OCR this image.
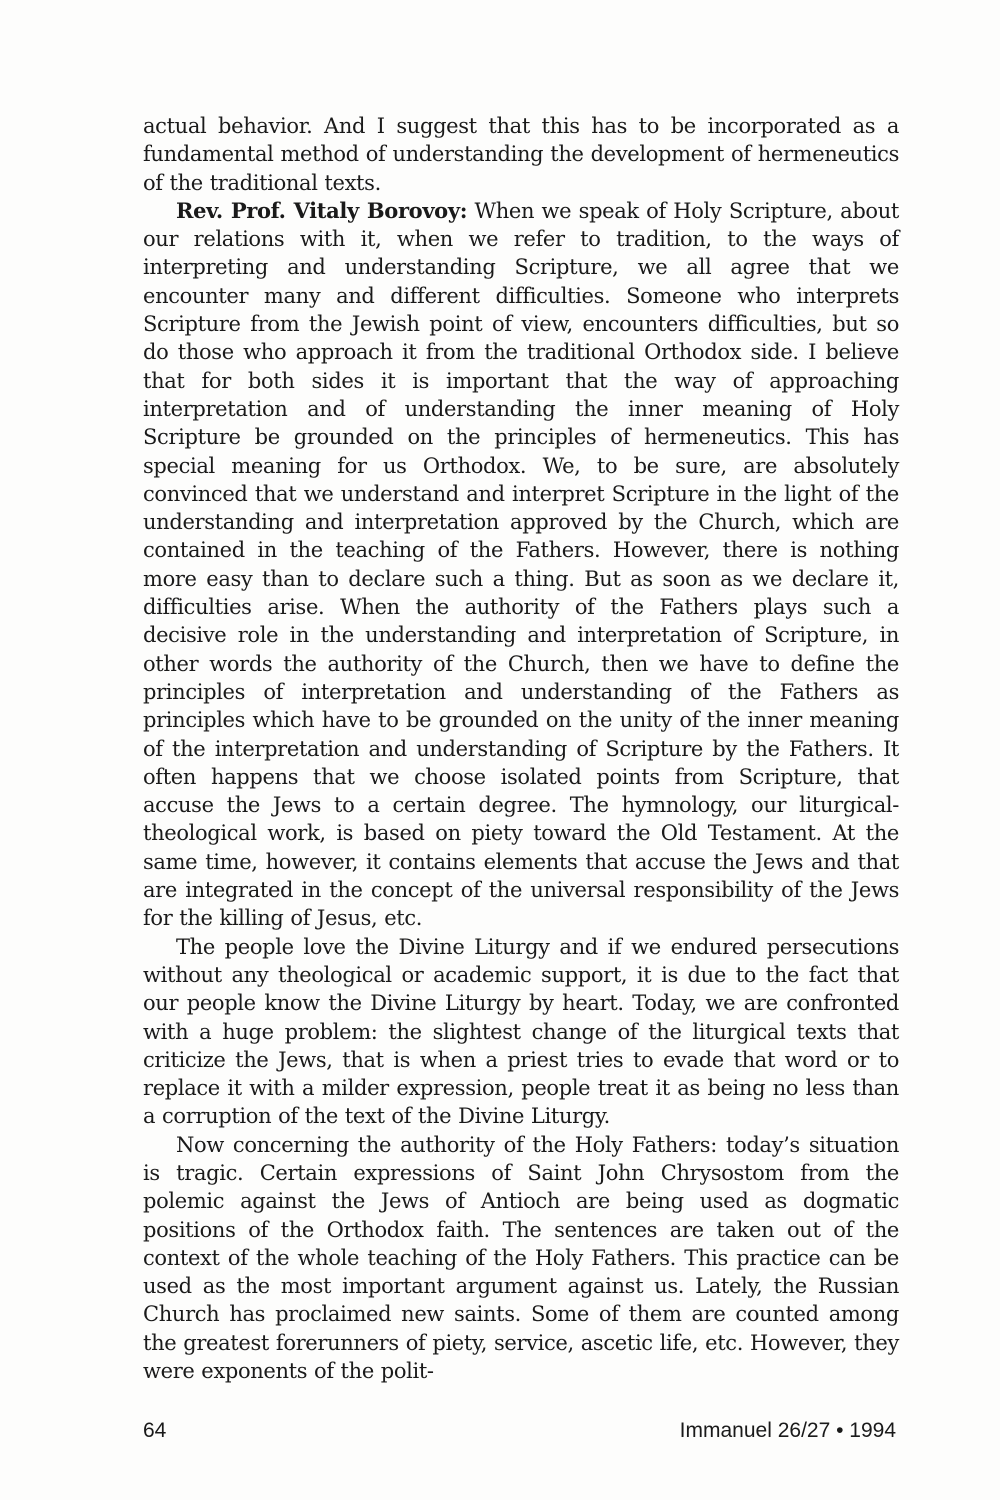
actual behavior. And I suggest that this has to be incorporated as a fundamental method of understanding the development of hermeneutics of the traditional texts.

Rev. Prof. Vitaly Borovoy: When we speak of Holy Scripture, about our relations with it, when we refer to tradition, to the ways of interpreting and understanding Scripture, we all agree that we encounter many and different difficulties. Someone who interprets Scripture from the Jewish point of view, encounters difficulties, but so do those who approach it from the traditional Orthodox side. I believe that for both sides it is important that the way of approaching interpretation and of understanding the inner meaning of Holy Scripture be grounded on the principles of hermeneutics. This has special meaning for us Orthodox. We, to be sure, are absolutely convinced that we understand and interpret Scripture in the light of the understanding and interpretation approved by the Church, which are contained in the teaching of the Fathers. However, there is nothing more easy than to declare such a thing. But as soon as we declare it, difficulties arise. When the authority of the Fathers plays such a decisive role in the understanding and interpretation of Scripture, in other words the authority of the Church, then we have to define the principles of interpretation and understanding of the Fathers as principles which have to be grounded on the unity of the inner meaning of the interpretation and understanding of Scripture by the Fathers. It often happens that we choose isolated points from Scripture, that accuse the Jews to a certain degree. The hymnology, our liturgical-theological work, is based on piety toward the Old Testament. At the same time, however, it contains elements that accuse the Jews and that are integrated in the concept of the universal responsibility of the Jews for the killing of Jesus, etc.

The people love the Divine Liturgy and if we endured persecutions without any theological or academic support, it is due to the fact that our people know the Divine Liturgy by heart. Today, we are confronted with a huge problem: the slightest change of the liturgical texts that criticize the Jews, that is when a priest tries to evade that word or to replace it with a milder expression, people treat it as being no less than a corruption of the text of the Divine Liturgy.

Now concerning the authority of the Holy Fathers: today’s situation is tragic. Certain expressions of Saint John Chrysostom from the polemic against the Jews of Antioch are being used as dogmatic positions of the Orthodox faith. The sentences are taken out of the context of the whole teaching of the Holy Fathers. This practice can be used as the most important argument against us. Lately, the Russian Church has proclaimed new saints. Some of them are counted among the greatest forerunners of piety, service, ascetic life, etc. However, they were exponents of the polit-

64	Immanuel 26/27 • 1994
